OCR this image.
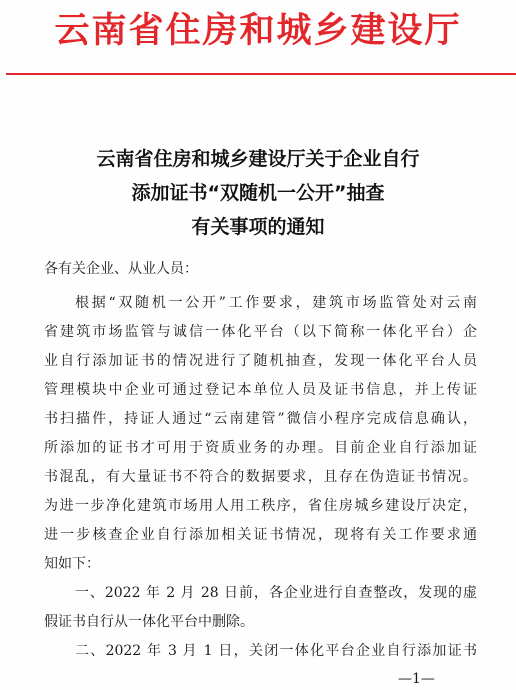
云南省住房和城乡建设厅
云南省住房和城乡建设厅关于企业自行
添加证书“双随机一公开”抽查
有关事项的通知
各有关企业、从业人员：
根据“双随机一公开”工作要求，建筑市场监管处对云南
省建筑市场监管与诚信一体化平台（以下简称一体化平台）企
业自行添加证书的情况进行了随机抽查，发现一体化平台人员
管理模块中企业可通过登记本单位人员及证书信息，并上传证
书扫描件，持证人通过“云南建管”微信小程序完成信息确认，
所添加的证书才可用于资质业务的办理。目前企业自行添加证
书混乱，有大量证书不符合的数据要求，且存在伪造证书情况。
为进一步净化建筑市场用人用工秩序，省住房城乡建设厅决定，
进一步核查企业自行添加相关证书情况，现将有关工作要求通
知如下：
一、2022 年 2 月 28 日前，各企业进行自查整改，发现的虚
假证书自行从一体化平台中删除。
二、2022 年 3 月 1 日，关闭一体化平台企业自行添加证书
—1—
